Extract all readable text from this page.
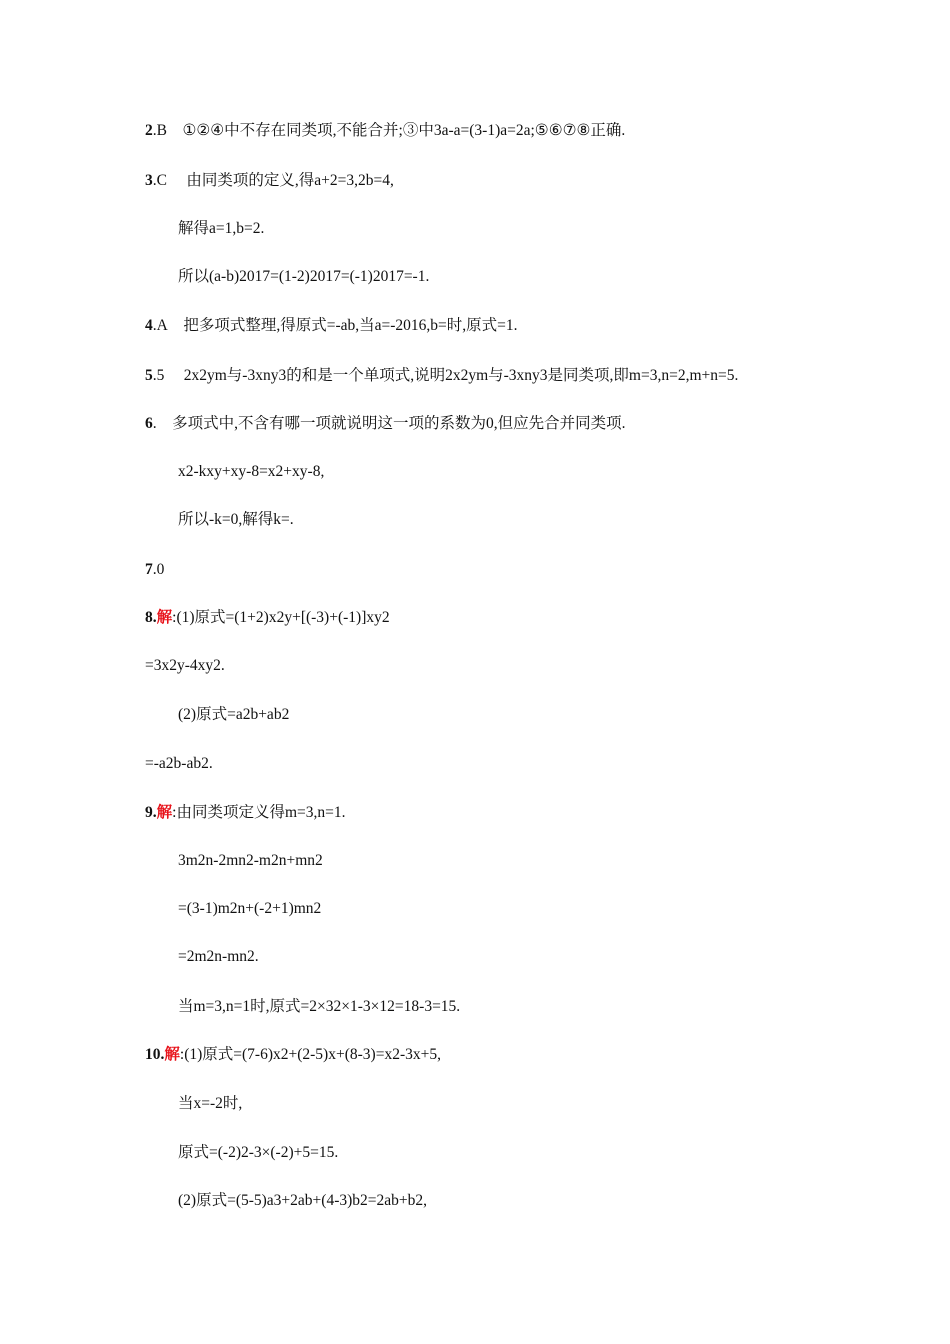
2.B ①②④中不存在同类项,不能合并;③中3a-a=(3-1)a=2a;⑤⑥⑦⑧正确.
3.C 由同类项的定义,得a+2=3,2b=4,
解得a=1,b=2.
所以(a-b)2017=(1-2)2017=(-1)2017=-1.
4.A 把多项式整理,得原式=-ab,当a=-2016,b=时,原式=1.
5.5 2x2ym与-3xny3的和是一个单项式,说明2x2ym与-3xny3是同类项,即m=3,n=2,m+n=5.
6. 多项式中,不含有哪一项就说明这一项的系数为0,但应先合并同类项.
x2-kxy+xy-8=x2+xy-8,
所以-k=0,解得k=.
7.0
8.解:(1)原式=(1+2)x2y+[(-3)+(-1)]xy2
=3x2y-4xy2.
(2)原式=a2b+ab2
=-a2b-ab2.
9.解:由同类项定义得m=3,n=1.
3m2n-2mn2-m2n+mn2
=(3-1)m2n+(-2+1)mn2
=2m2n-mn2.
当m=3,n=1时,原式=2×32×1-3×12=18-3=15.
10.解:(1)原式=(7-6)x2+(2-5)x+(8-3)=x2-3x+5,
当x=-2时,
原式=(-2)2-3×(-2)+5=15.
(2)原式=(5-5)a3+2ab+(4-3)b2=2ab+b2,
